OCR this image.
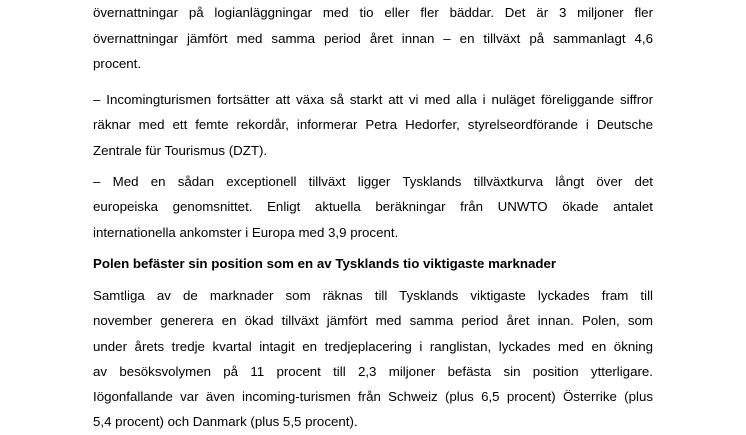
övernattningar på logianläggningar med tio eller fler bäddar. Det är 3 miljoner fler
övernattningar jämfört med samma period året innan – en tillväxt på sammanlagt 4,6
procent.

– Incomingturismen fortsätter att växa så starkt att vi med alla i nuläget föreliggande siffror
räknar med ett femte rekordår, informerar Petra Hedorfer, styrelseordförande i Deutsche
Zentrale für Tourismus (DZT).

– Med en sådan exceptionell tillväxt ligger Tysklands tillväxtkurva långt över det
europeiska genomsnittet. Enligt aktuella beräkningar från UNWTO ökade antalet
internationella ankomster i Europa med 3,9 procent.

Polen befäster sin position som en av Tysklands tio viktigaste marknader

Samtliga av de marknader som räknas till Tysklands viktigaste lyckades fram till
november generera en ökad tillväxt jämfört med samma period året innan. Polen, som
under årets tredje kvartal intagit en tredjeplacering i ranglistan, lyckades med en ökning
av besöksvolymen på 11 procent till 2,3 miljoner befästa sin position ytterligare.
Iögonfallande var även incoming-turismen från Schweiz (plus 6,5 procent) Österrike (plus
5,4 procent) och Danmark (plus 5,5 procent).
